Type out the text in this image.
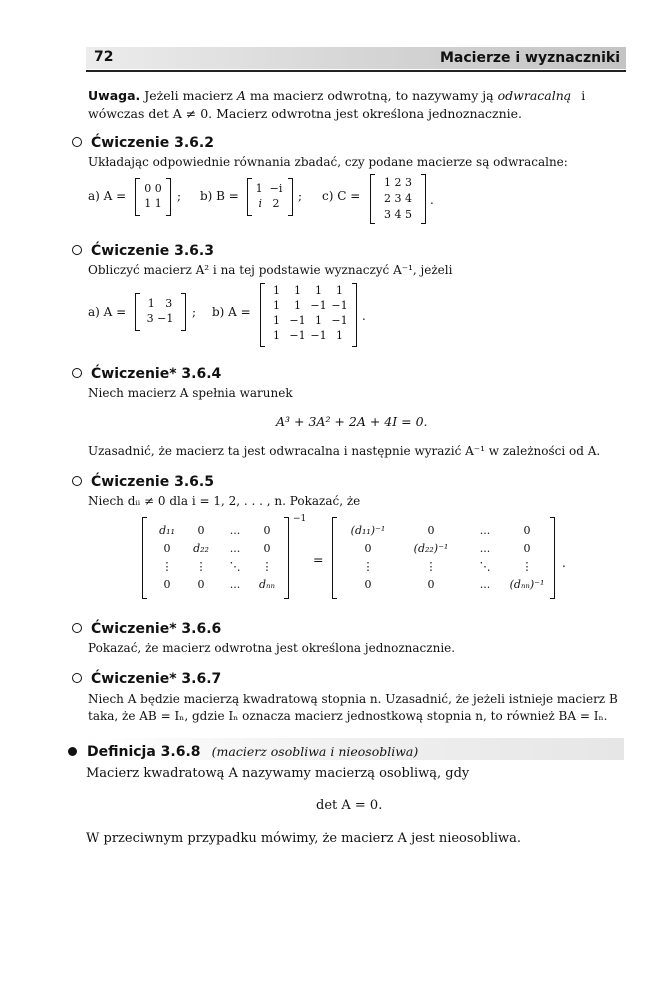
72	Macierze i wyznaczniki
Uwaga. Jeżeli macierz A ma macierz odwrotną, to nazywamy ją odwracalną i
wówczas det A ≠ 0. Macierz odwrotna jest określona jednoznacznie.
Ćwiczenie 3.6.2
Układając odpowiednie równania zbadać, czy podane macierze są odwracalne:
a) A =
0 0
1 1
; b) B =
1 −i
i 2
; c) C =
1 2 3
2 3 4
3 4 5
.
Ćwiczenie 3.6.3
Obliczyć macierz A² i na tej podstawie wyznaczyć A⁻¹, jeżeli
a) A =
1 3
3 −1	; b) A =
1	1	1	1
1	1 −1 −1
1 −1 1 −1
1 −1 −1 1
.
Ćwiczenie* 3.6.4
Niech macierz A spełnia warunek
A³ + 3A² + 2A + 4I = 0.
Uzasadnić, że macierz ta jest odwracalna i następnie wyrazić A⁻¹ w zależności od A.
Ćwiczenie 3.6.5
Niech dᵢᵢ ≠ 0 dla i = 1, 2, . . . , n. Pokazać, że
d₁₁	0	...	0
0	d₂₂	...	0
⋮	⋮	⋱	⋮
0	0	...	dₙₙ
−1
=
(d₁₁)⁻¹	0	...	0
0	(d₂₂)⁻¹	...	0
⋮	⋮	⋱	⋮
0	0	...	(dₙₙ)⁻¹
.
Ćwiczenie* 3.6.6
Pokazać, że macierz odwrotna jest określona jednoznacznie.
Ćwiczenie* 3.6.7
Niech A będzie macierzą kwadratową stopnia n. Uzasadnić, że jeżeli istnieje macierz B
taka, że AB = Iₙ, gdzie Iₙ oznacza macierz jednostkową stopnia n, to również BA = Iₙ.
Definicja 3.6.8 (macierz osobliwa i nieosobliwa)
Macierz kwadratową A nazywamy macierzą osobliwą, gdy
det A = 0.
W przeciwnym przypadku mówimy, że macierz A jest nieosobliwa.
